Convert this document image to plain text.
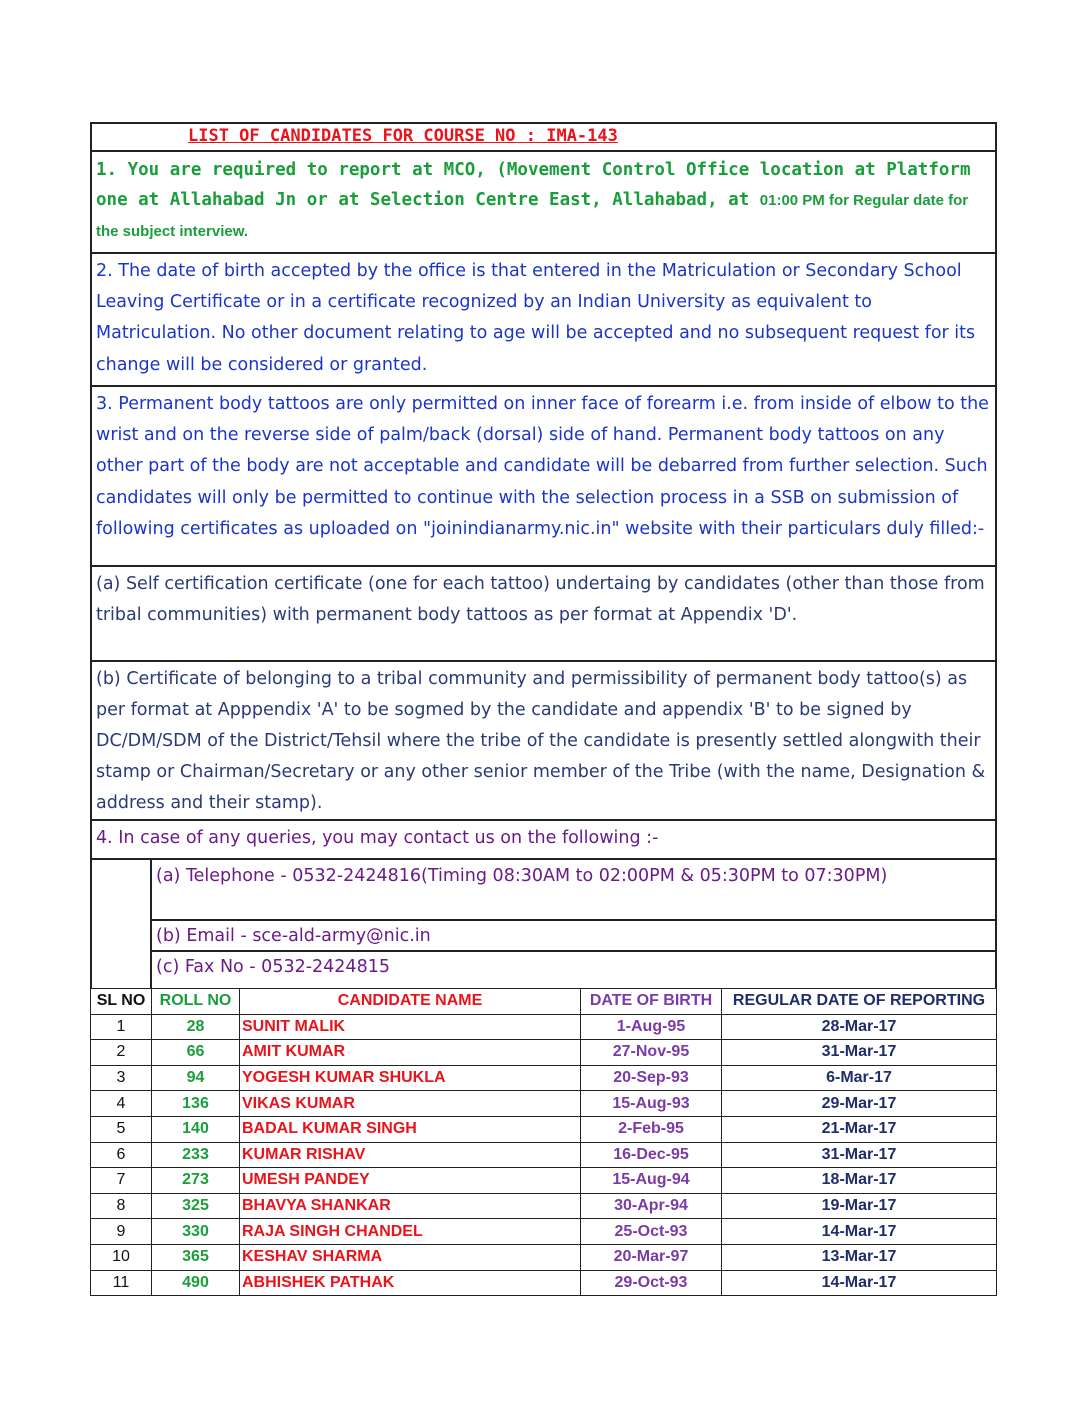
LIST OF CANDIDATES FOR COURSE NO : IMA-143
1. You are required to report at MCO, (Movement Control Office location at Platform one at Allahabad Jn or at Selection Centre East, Allahabad, at 01:00 PM for Regular date for the subject interview.
2. The date of birth accepted by the office is that entered in the Matriculation or Secondary School Leaving Certificate or in a certificate recognized by an Indian University as equivalent to Matriculation. No other document relating to age will be accepted and no subsequent request for its change will be considered or granted.
3. Permanent body tattoos are only permitted on inner face of forearm i.e. from inside of elbow to the wrist and on the reverse side of palm/back (dorsal) side of hand. Permanent body tattoos on any other part of the body are not acceptable and candidate will be debarred from further selection. Such candidates will only be permitted to continue with the selection process in a SSB on submission of following certificates as uploaded on "joinindianarmy.nic.in" website with their particulars duly filled:-
(a) Self certification certificate (one for each tattoo) undertaing by candidates (other than those from tribal communities) with permanent body tattoos as per format at Appendix 'D'.
(b) Certificate of belonging to a tribal community and permissibility of permanent body tattoo(s) as per format at Apppendix 'A' to be sogmed by the candidate and appendix 'B' to be signed by DC/DM/SDM of the District/Tehsil where the tribe of the candidate is presently settled alongwith their stamp or Chairman/Secretary or any other senior member of the Tribe (with the name, Designation & address and their stamp).
4. In case of any queries, you may contact us on the following :-
(a) Telephone - 0532-2424816(Timing 08:30AM to 02:00PM & 05:30PM to 07:30PM)
(b) Email - sce-ald-army@nic.in
(c) Fax No - 0532-2424815
SL NO	ROLL NO	CANDIDATE NAME	DATE OF BIRTH	REGULAR DATE OF REPORTING
1	28	SUNIT MALIK	1-Aug-95	28-Mar-17
2	66	AMIT KUMAR	27-Nov-95	31-Mar-17
3	94	YOGESH KUMAR SHUKLA	20-Sep-93	6-Mar-17
4	136	VIKAS KUMAR	15-Aug-93	29-Mar-17
5	140	BADAL KUMAR SINGH	2-Feb-95	21-Mar-17
6	233	KUMAR RISHAV	16-Dec-95	31-Mar-17
7	273	UMESH PANDEY	15-Aug-94	18-Mar-17
8	325	BHAVYA SHANKAR	30-Apr-94	19-Mar-17
9	330	RAJA SINGH CHANDEL	25-Oct-93	14-Mar-17
10	365	KESHAV SHARMA	20-Mar-97	13-Mar-17
11	490	ABHISHEK PATHAK	29-Oct-93	14-Mar-17
